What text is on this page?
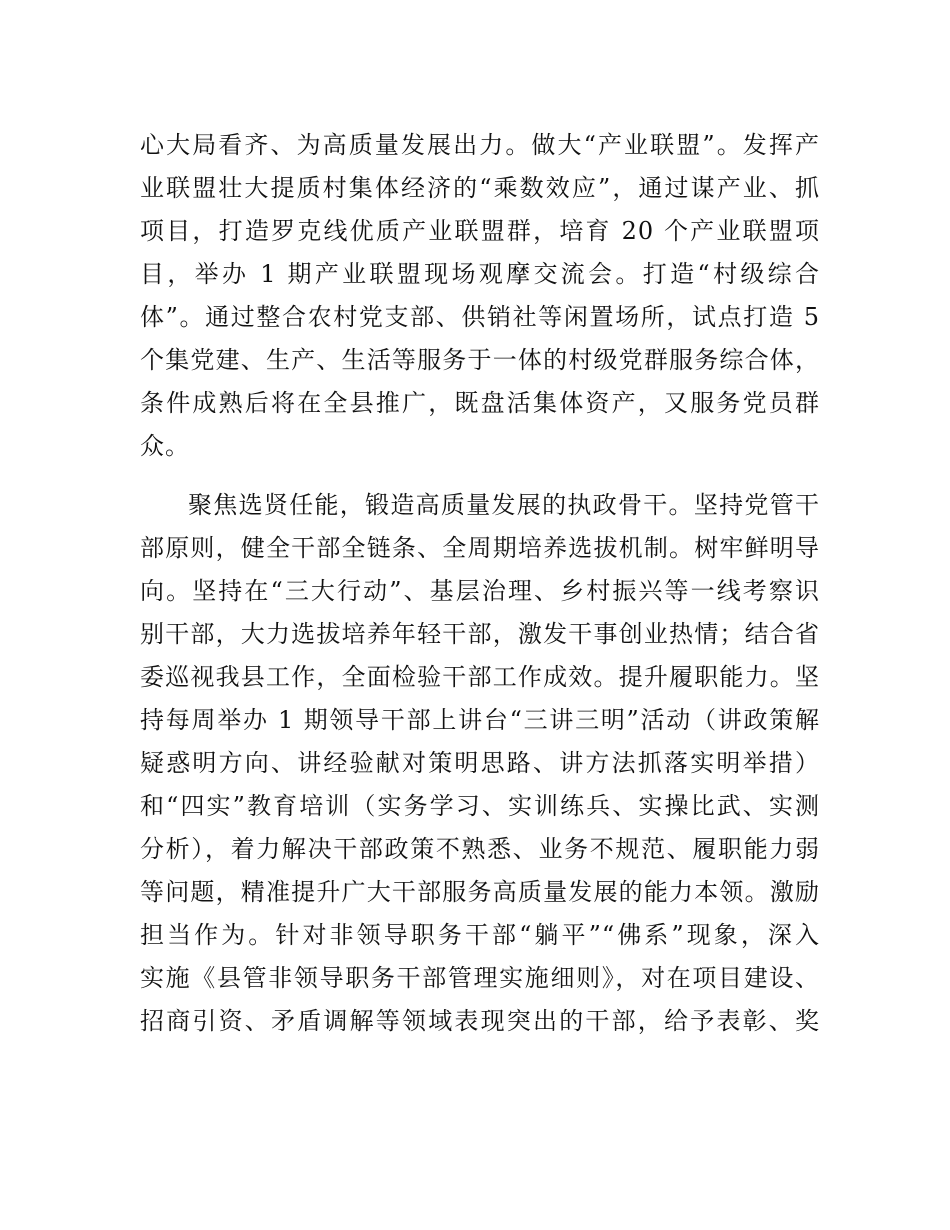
心大局看齐、为高质量发展出力。做大“产业联盟”。发挥产
业联盟壮大提质村集体经济的“乘数效应”，通过谋产业、抓
项目，打造罗克线优质产业联盟群，培育 20 个产业联盟项
目，举办 1 期产业联盟现场观摩交流会。打造“村级综合
体”。通过整合农村党支部、供销社等闲置场所，试点打造 5
个集党建、生产、生活等服务于一体的村级党群服务综合体，
条件成熟后将在全县推广，既盘活集体资产，又服务党员群
众。
聚焦选贤任能，锻造高质量发展的执政骨干。坚持党管干
部原则，健全干部全链条、全周期培养选拔机制。树牢鲜明导
向。坚持在“三大行动”、基层治理、乡村振兴等一线考察识
别干部，大力选拔培养年轻干部，激发干事创业热情；结合省
委巡视我县工作，全面检验干部工作成效。提升履职能力。坚
持每周举办 1 期领导干部上讲台“三讲三明”活动（讲政策解
疑惑明方向、讲经验献对策明思路、讲方法抓落实明举措）
和“四实”教育培训（实务学习、实训练兵、实操比武、实测
分析），着力解决干部政策不熟悉、业务不规范、履职能力弱
等问题，精准提升广大干部服务高质量发展的能力本领。激励
担当作为。针对非领导职务干部“躺平”“佛系”现象，深入
实施《县管非领导职务干部管理实施细则》，对在项目建设、
招商引资、矛盾调解等领域表现突出的干部，给予表彰、奖
